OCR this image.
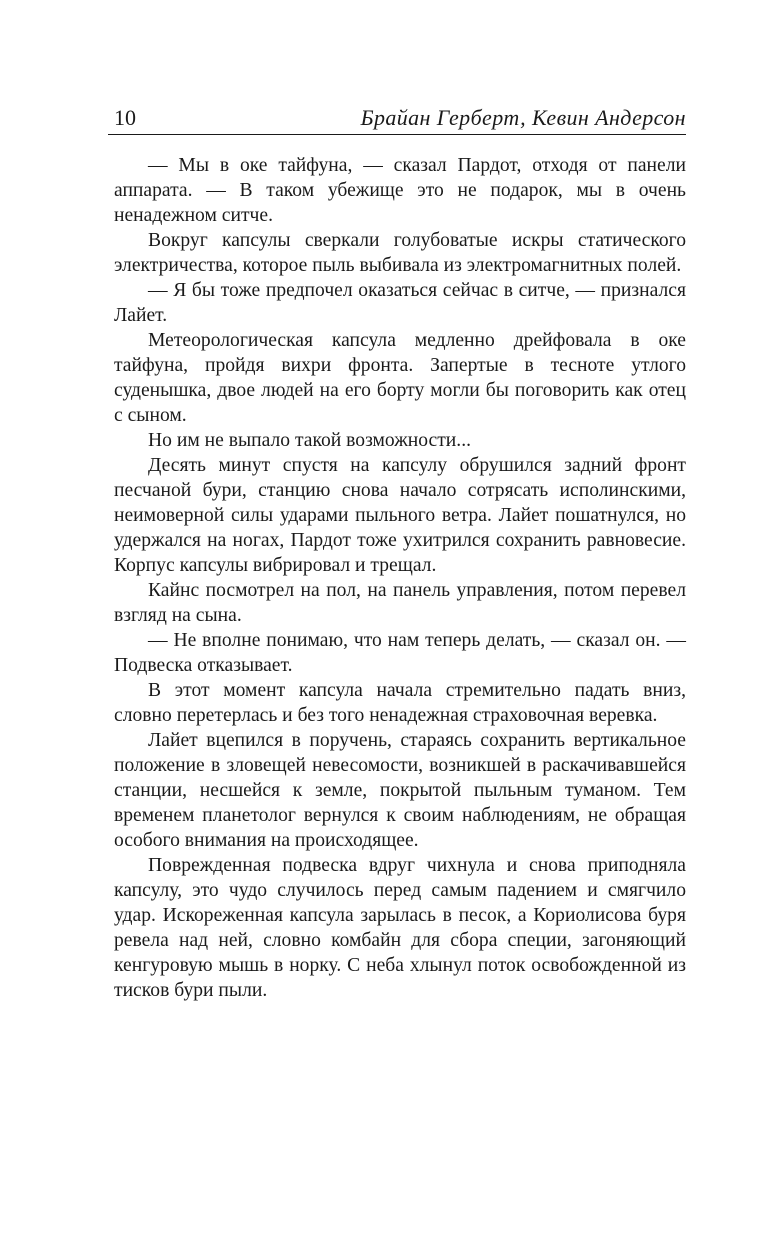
10	Брайан Герберт, Кевин Андерсон

— Мы в оке тайфуна, — сказал Пардот, отходя от панели аппарата. — В таком убежище это не подарок, мы в очень ненадежном ситче.

Вокруг капсулы сверкали голубоватые искры статического электричества, которое пыль выбивала из электромагнитных полей.

— Я бы тоже предпочел оказаться сейчас в ситче, — признался Лайет.

Метеорологическая капсула медленно дрейфовала в оке тайфуна, пройдя вихри фронта. Запертые в тесноте утлого суденышка, двое людей на его борту могли бы поговорить как отец с сыном.

Но им не выпало такой возможности...

Десять минут спустя на капсулу обрушился задний фронт песчаной бури, станцию снова начало сотрясать исполинскими, неимоверной силы ударами пыльного ветра. Лайет пошатнулся, но удержался на ногах, Пардот тоже ухитрился сохранить равновесие. Корпус капсулы вибрировал и трещал.

Кайнс посмотрел на пол, на панель управления, потом перевел взгляд на сына.

— Не вполне понимаю, что нам теперь делать, — сказал он. — Подвеска отказывает.

В этот момент капсула начала стремительно падать вниз, словно перетерлась и без того ненадежная страховочная веревка.

Лайет вцепился в поручень, стараясь сохранить вертикальное положение в зловещей невесомости, возникшей в раскачивавшейся станции, несшейся к земле, покрытой пыльным туманом. Тем временем планетолог вернулся к своим наблюдениям, не обращая особого внимания на происходящее.

Поврежденная подвеска вдруг чихнула и снова приподняла капсулу, это чудо случилось перед самым падением и смягчило удар. Искореженная капсула зарылась в песок, а Кориолисова буря ревела над ней, словно комбайн для сбора специи, загоняющий кенгуровую мышь в норку. С неба хлынул поток освобожденной из тисков бури пыли.
